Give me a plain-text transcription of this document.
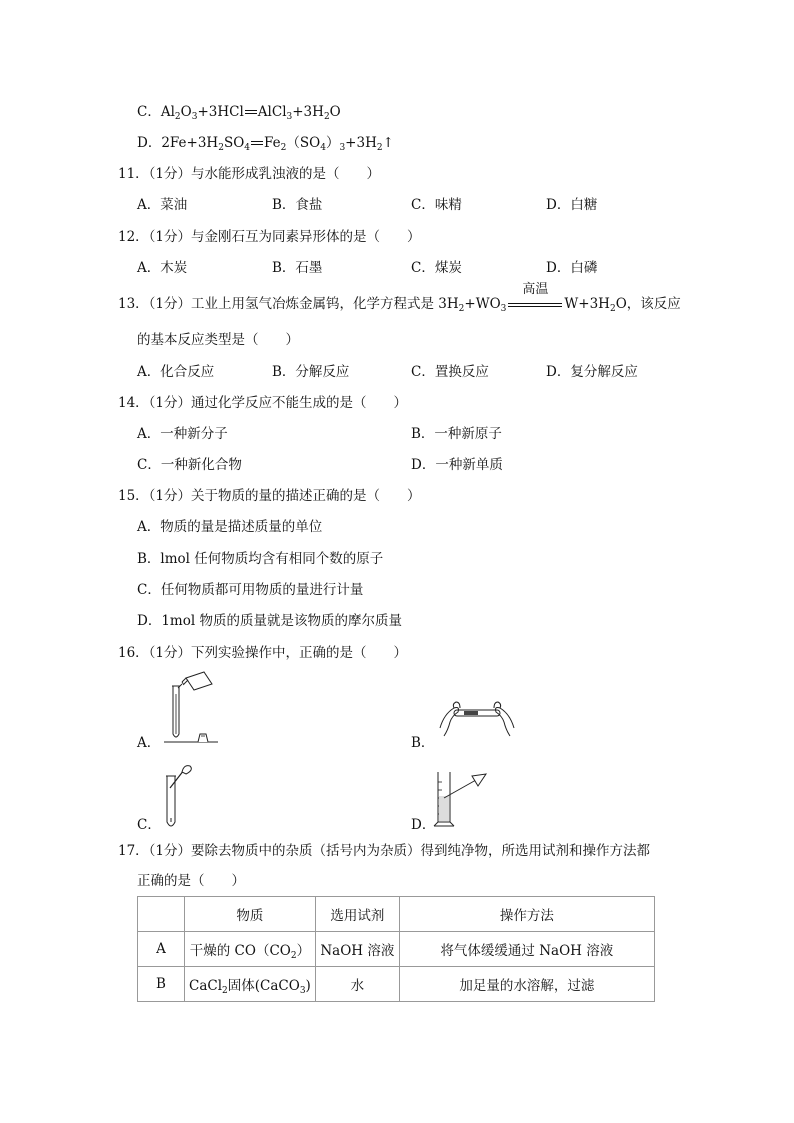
C．$Al_2O_3+3HCl$ $AlCl_3+3H_2O$
D．$2Fe+3H_2SO_4$ $Fe_2(SO_4)_3+3H_2↑$
11．（1分）与水能形成乳浊液的是（　　）
A．菜油	B．食盐	C．味精	D．白糖
12．（1分）与金刚石互为同素异形体的是（　　）
A．木炭	B．石墨	C．煤炭	D．白磷
13．（1分）工业上用氢气冶炼金属钨，化学方程式是 $3H_2+WO_3$
高温
$W+3H_2O$，该反应
的基本反应类型是（　　）
A．化合反应	B．分解反应	C．置换反应	D．复分解反应
14．（1分）通过化学反应不能生成的是（　　）
A．一种新分子	B．一种新原子
C．一种新化合物	D．一种新单质
15．（1分）关于物质的量的描述正确的是（　　）
A．物质的量是描述质量的单位
B．lmol 任何物质均含有相同个数的原子
C．任何物质都可用物质的量进行计量
D．1mol 物质的质量就是该物质的摩尔质量
16．（1分）下列实验操作中，正确的是（　　）
A．	B．
C．	D．
17．（1分）要除去物质中的杂质（括号内为杂质）得到纯净物，所选用试剂和操作方法都
正确的是（　　）
	物质	选用试剂	操作方法
A	干燥的 $CO(CO_2)$	NaOH 溶液	将气体缓缓通过 NaOH 溶液
B	CaCl$_2$固体(CaCO$_3$)	水	加足量的水溶解，过滤
